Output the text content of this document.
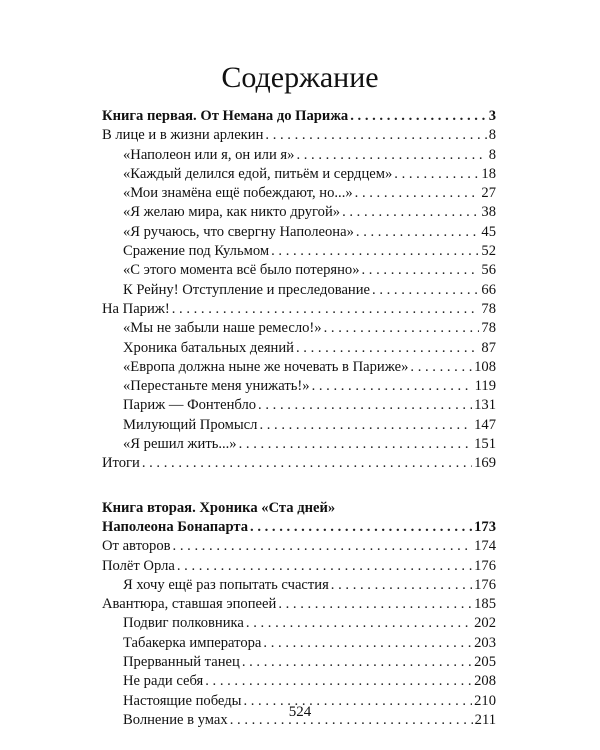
Содержание
Книга первая. От Немана до Парижа . . .	3
В лице и в жизни арлекин . . .	8
«Наполеон или я, он или я» . . .	8
«Каждый делился едой, питьём и сердцем» . . .	18
«Мои знамёна ещё побеждают, но...» . . .	27
«Я желаю мира, как никто другой» . . .	38
«Я ручаюсь, что свергну Наполеона» . . .	45
Сражение под Кульмом . . .	52
«С этого момента всё было потеряно» . . .	56
К Рейну! Отступление и преследование . . .	66
На Париж! . . .	78
«Мы не забыли наше ремесло!» . . .	78
Хроника батальных деяний . . .	87
«Европа должна ныне же ночевать в Париже» . . .	108
«Перестаньте меня унижать!» . . .	119
Париж — Фонтенбло . . .	131
Милующий Промысл . . .	147
«Я решил жить...» . . .	151
Итоги . . .	169
Книга вторая. Хроника «Ста дней»
Наполеона Бонапарта . . .	173
От авторов . . .	174
Полёт Орла . . .	176
Я хочу ещё раз попытать счастия . . .	176
Авантюра, ставшая эпопеей . . .	185
Подвиг полковника . . .	202
Табакерка императора . . .	203
Прерванный танец . . .	205
Не ради себя . . .	208
Настоящие победы . . .	210
Волнение в умах . . .	211
524
